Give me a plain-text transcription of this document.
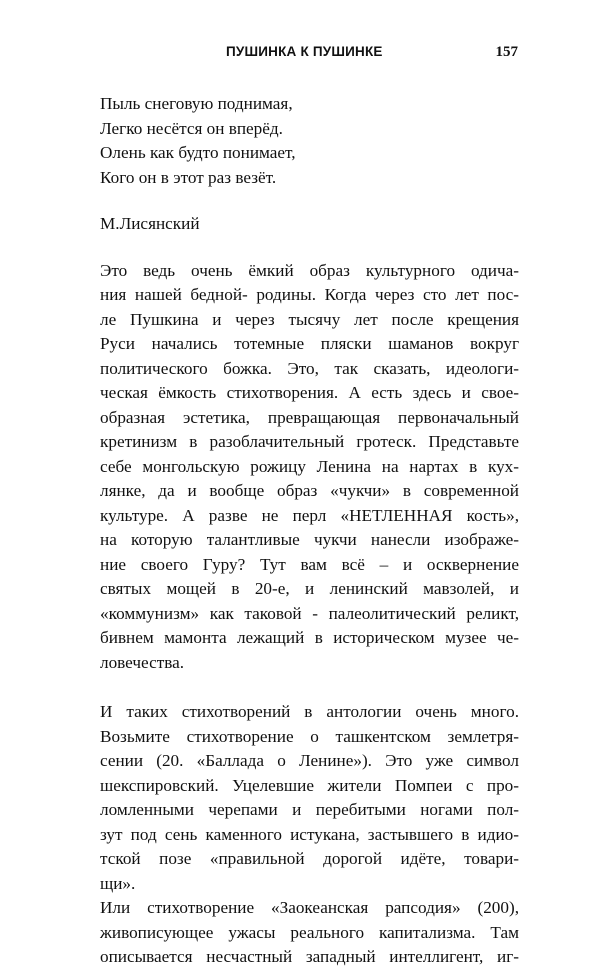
ПУШИНКА К ПУШИНКЕ	157
Пыль снеговую поднимая,
Легко несётся он вперёд.
Олень как будто понимает,
Кого он в этот раз везёт.
М.Лисянский
Это ведь очень ёмкий образ культурного одича-
ния нашей бедной- родины. Когда через сто лет пос-
ле Пушкина и через тысячу лет после крещения
Руси начались тотемные пляски шаманов вокруг
политического божка. Это, так сказать, идеологи-
ческая ёмкость стихотворения. А есть здесь и свое-
образная эстетика, превращающая первоначальный
кретинизм в разоблачительный гротеск. Представьте
себе монгольскую рожицу Ленина на нартах в кух-
лянке, да и вообще образ «чукчи» в современной
культуре. А разве не перл «НЕТЛЕННАЯ кость»,
на которую талантливые чукчи нанесли изображе-
ние своего Гуру? Тут вам всё – и осквернение
святых мощей в 20-е, и ленинский мавзолей, и
«коммунизм» как таковой - палеолитический реликт,
бивнем мамонта лежащий в историческом музее че-
ловечества.
И таких стихотворений в антологии очень много.
Возьмите стихотворение о ташкентском землетря-
сении (20. «Баллада о Ленине»). Это уже символ
шекспировский. Уцелевшие жители Помпеи с про-
ломленными черепами и перебитыми ногами пол-
зут под сень каменного истукана, застывшего в идио-
тской позе «правильной дорогой идёте, товари-
щи».
Или стихотворение «Заокеанская рапсодия» (200),
живописующее ужасы реального капитализма. Там
описывается несчастный западный интеллигент, иг-
